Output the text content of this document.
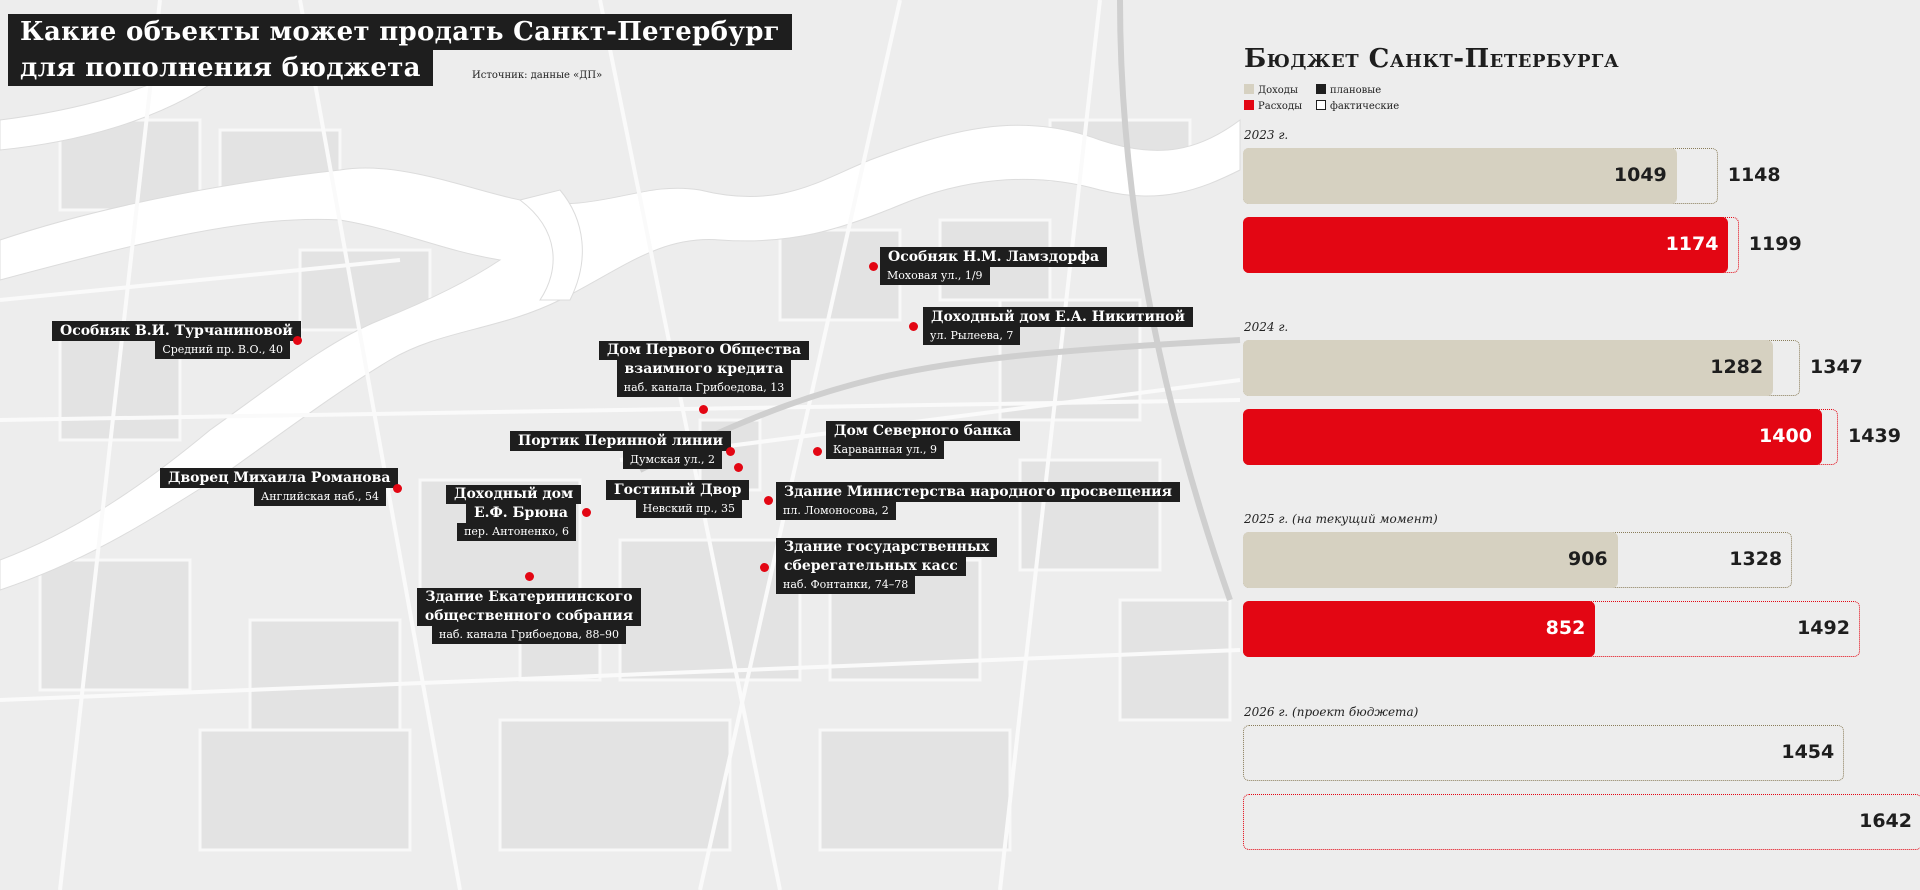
Какие объекты может продать Санкт-Петербург
для пополнения бюджета	Источник: данные «ДП»
Особняк Н.М. Ламздорфа
Моховая ул., 1/9
Доходный дом Е.А. Никитиной
ул. Рылеева, 7
Особняк В.И. Турчаниновой
Средний пр. В.О., 40	Дом Первого Общества
взаимного кредита
наб. канала Грибоедова, 13
Портик Перинной линии
Думская ул., 2
Дом Северного банка
Караванная ул., 9
Дворец Михаила Романова
Английская наб., 54	Доходный дом
Е.Ф. Брюна
пер. Антоненко, 6
Гостиный Двор
Невский пр., 35
Здание Министерства народного просвещения
пл. Ломоносова, 2
Здание государственных
сберегательных касс
наб. Фонтанки, 74–78
Здание Екатерининского
общественного собрания
наб. канала Грибоедова, 88–90
Бюджет Санкт-Петербурга
Доходы
Расходы
плановые
фактические
2023 г.
1049	1148
1174 1199
2024 г.
1282 1347
1400 1439
2025 г. (на текущий момент)
906	1328
852	1492
2026 г. (проект бюджета)
1454
1642
